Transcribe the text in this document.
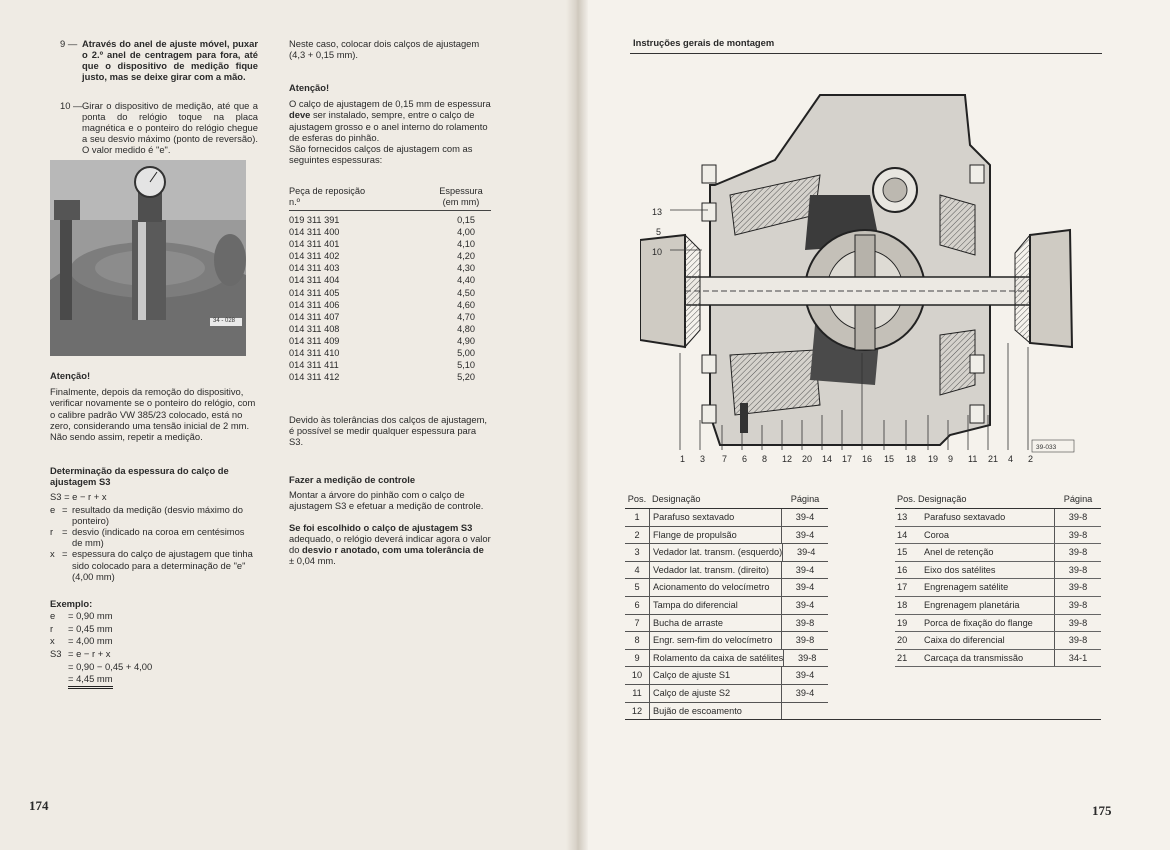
9 — Através do anel de ajuste móvel, puxar o 2.º anel de centragem para fora, até que o dispositivo de medição fique justo, mas se deixe girar com a mão.
10 — Girar o dispositivo de medição, até que a ponta do relógio toque na placa magnética e o ponteiro do relógio chegue a seu desvio máximo (ponto de reversão). O valor medido é "e".
34 - 028
Atenção!
Finalmente, depois da remoção do dispositivo, verificar novamente se o ponteiro do relógio, com o calibre padrão VW 385/23 colocado, está no zero, considerando uma tensão inicial de 2 mm. Não sendo assim, repetir a medição.
Determinação da espessura do calço de ajustagem S3
S3 = e − r + x
e = resultado da medição (desvio máximo do ponteiro)
r = desvio (indicado na coroa em centésimos de mm)
x = espessura do calço de ajustagem que tinha sido colocado para a determinação de "e" (4,00 mm)
Exemplo:
e	= 0,90 mm
r	= 0,45 mm
x	= 4,00 mm
S3 = e − r + x
= 0,90 − 0,45 + 4,00
= 4,45 mm
174
Neste caso, colocar dois calços de ajustagem (4,3 + 0,15 mm).
Atenção!
O calço de ajustagem de 0,15 mm de espessura deve ser instalado, sempre, entre o calço de ajustagem grosso e o anel interno do rolamento de esferas do pinhão.
São fornecidos calços de ajustagem com as seguintes espessuras:
Peça de reposição n.º
Espessura (em mm)
019 311 391	0,15
014 311 400	4,00
014 311 401	4,10
014 311 402	4,20
014 311 403	4,30
014 311 404	4,40
014 311 405	4,50
014 311 406	4,60
014 311 407	4,70
014 311 408	4,80
014 311 409	4,90
014 311 410	5,00
014 311 411	5,10
014 311 412	5,20
Devido às tolerâncias dos calços de ajustagem, é possível se medir qualquer espessura para S3.
Fazer a medição de controle
Montar a árvore do pinhão com o calço de ajustagem S3 e efetuar a medição de controle.
Se foi escolhido o calço de ajustagem S3 adequado, o relógio deverá indicar agora o valor do desvio r anotado, com uma tolerância de ± 0,04 mm.
Instruções gerais de montagem
39-033
13
5
10
1 3 7 6 8 12 20 14 17 16 15 18 19 9 11 21 4 2
Pos. Designação	Página
1	Parafuso sextavado	39-4
2	Flange de propulsão	39-4
3	Vedador lat. transm. (esquerdo)	39-4
4	Vedador lat. transm. (direito)	39-4
5	Acionamento do velocímetro	39-4
6	Tampa do diferencial	39-4
7	Bucha de arraste	39-8
8	Engr. sem-fim do velocímetro	39-8
9	Rolamento da caixa de satélites	39-8
10	Calço de ajuste S1	39-4
11	Calço de ajuste S2	39-4
12	Bujão de escoamento
Pos. Designação	Página
13	Parafuso sextavado	39-8
14	Coroa	39-8
15	Anel de retenção	39-8
16	Eixo dos satélites	39-8
17	Engrenagem satélite	39-8
18	Engrenagem planetária	39-8
19	Porca de fixação do flange	39-8
20	Caixa do diferencial	39-8
21	Carcaça da transmissão	34-1
175
